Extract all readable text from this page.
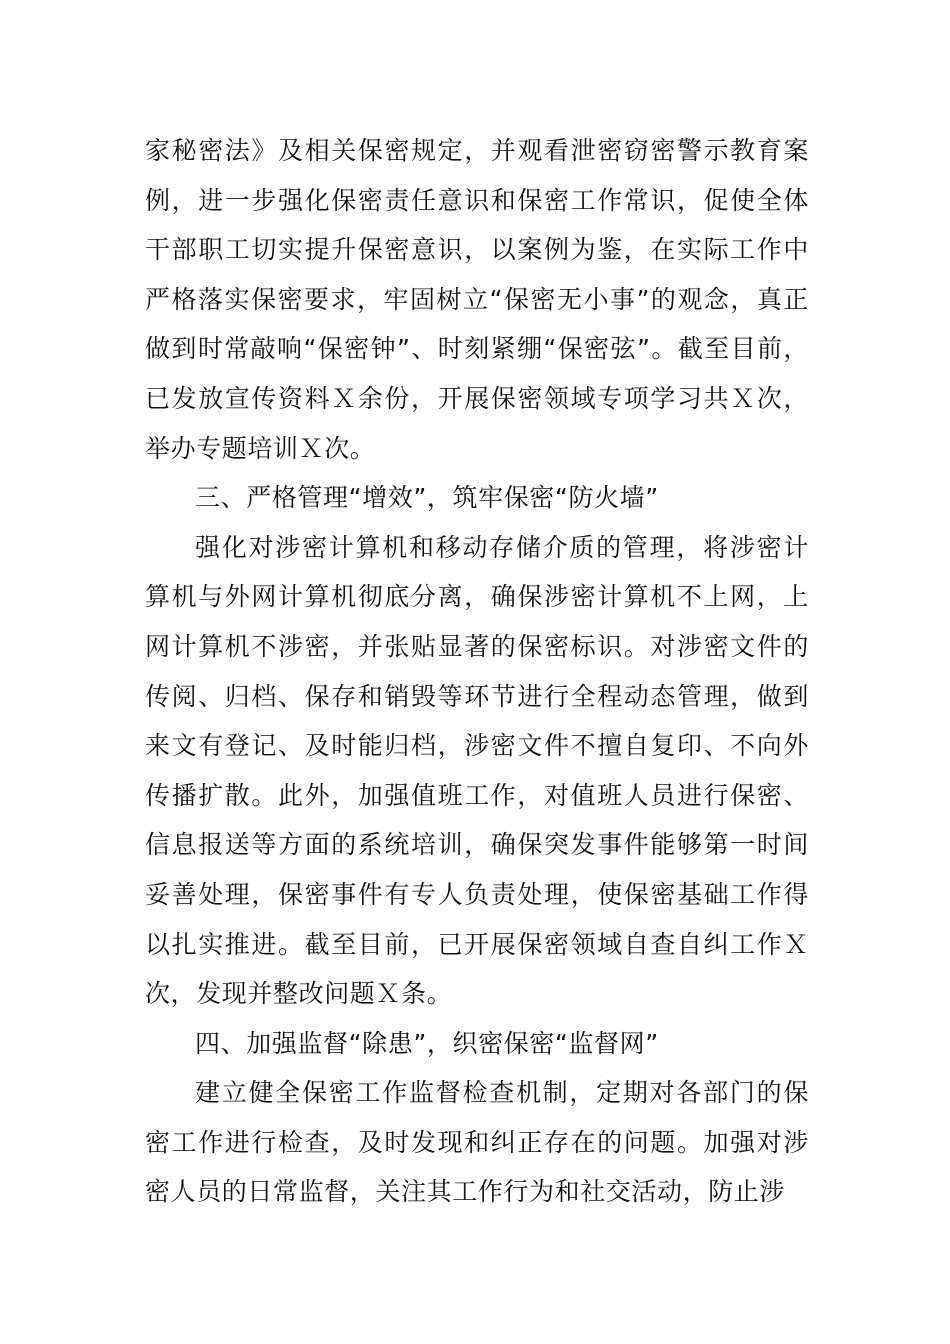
家秘密法》及相关保密规定，并观看泄密窃密警示教育案例，进一步强化保密责任意识和保密工作常识，促使全体干部职工切实提升保密意识，以案例为鉴，在实际工作中严格落实保密要求，牢固树立“保密无小事”的观念，真正做到时常敲响“保密钟”、时刻紧绷“保密弦”。截至目前，已发放宣传资料Ｘ余份，开展保密领域专项学习共Ｘ次，举办专题培训Ｘ次。

三、严格管理“增效”，筑牢保密“防火墙”

强化对涉密计算机和移动存储介质的管理，将涉密计算机与外网计算机彻底分离，确保涉密计算机不上网，上网计算机不涉密，并张贴显著的保密标识。对涉密文件的传阅、归档、保存和销毁等环节进行全程动态管理，做到来文有登记、及时能归档，涉密文件不擅自复印、不向外传播扩散。此外，加强值班工作，对值班人员进行保密、信息报送等方面的系统培训，确保突发事件能够第一时间妥善处理，保密事件有专人负责处理，使保密基础工作得以扎实推进。截至目前，已开展保密领域自查自纠工作Ｘ次，发现并整改问题Ｘ条。

四、加强监督“除患”，织密保密“监督网”

建立健全保密工作监督检查机制，定期对各部门的保密工作进行检查，及时发现和纠正存在的问题。加强对涉密人员的日常监督，关注其工作行为和社交活动，防止涉
